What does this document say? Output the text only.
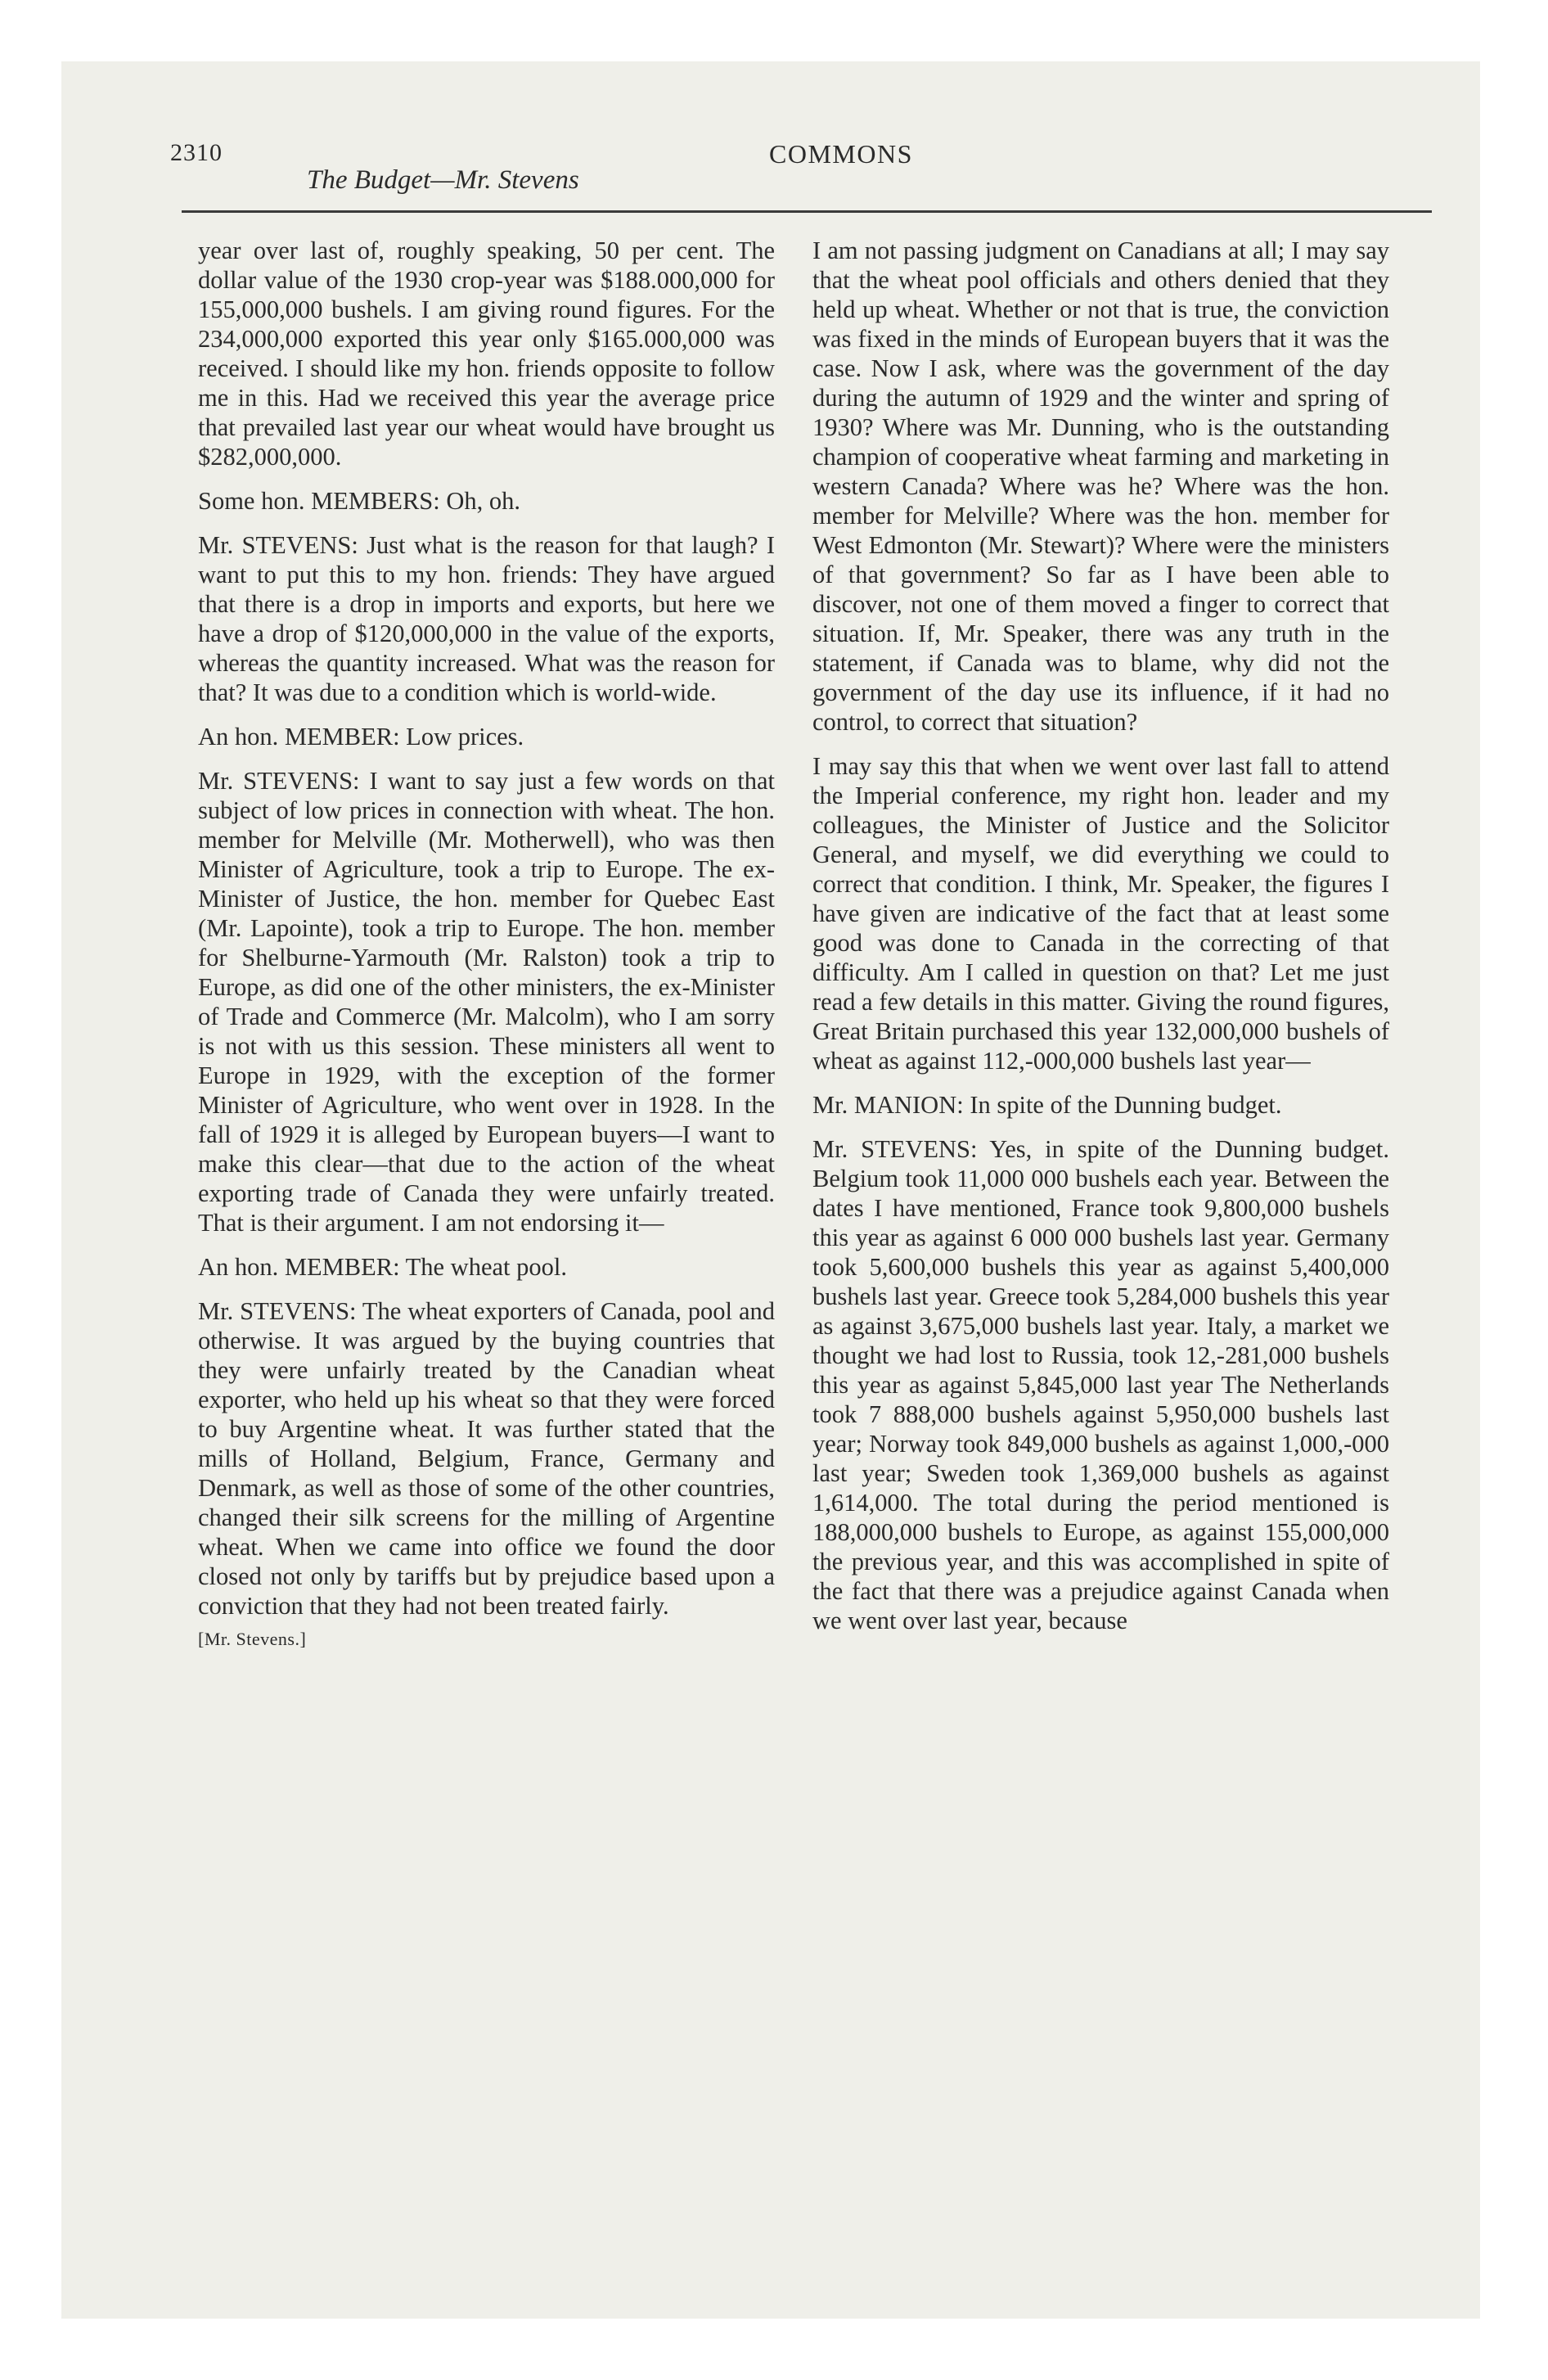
2310
The Budget—Mr. Stevens
COMMONS

year over last of, roughly speaking, 50 per cent. The dollar value of the 1930 crop-year was $188.000,000 for 155,000,000 bushels. I am giving round figures. For the 234,000,000 exported this year only $165.000,000 was received. I should like my hon. friends opposite to follow me in this. Had we received this year the average price that prevailed last year our wheat would have brought us $282,000,000.

Some hon. MEMBERS: Oh, oh.

Mr. STEVENS: Just what is the reason for that laugh? I want to put this to my hon. friends: They have argued that there is a drop in imports and exports, but here we have a drop of $120,000,000 in the value of the exports, whereas the quantity increased. What was the reason for that? It was due to a condition which is world-wide.

An hon. MEMBER: Low prices.

Mr. STEVENS: I want to say just a few words on that subject of low prices in connection with wheat. The hon. member for Melville (Mr. Motherwell), who was then Minister of Agriculture, took a trip to Europe. The ex-Minister of Justice, the hon. member for Quebec East (Mr. Lapointe), took a trip to Europe. The hon. member for Shelburne-Yarmouth (Mr. Ralston) took a trip to Europe, as did one of the other ministers, the ex-Minister of Trade and Commerce (Mr. Malcolm), who I am sorry is not with us this session. These ministers all went to Europe in 1929, with the exception of the former Minister of Agriculture, who went over in 1928. In the fall of 1929 it is alleged by European buyers—I want to make this clear—that due to the action of the wheat exporting trade of Canada they were unfairly treated. That is their argument. I am not endorsing it—

An hon. MEMBER: The wheat pool.

Mr. STEVENS: The wheat exporters of Canada, pool and otherwise. It was argued by the buying countries that they were unfairly treated by the Canadian wheat exporter, who held up his wheat so that they were forced to buy Argentine wheat. It was further stated that the mills of Holland, Belgium, France, Germany and Denmark, as well as those of some of the other countries, changed their silk screens for the milling of Argentine wheat. When we came into office we found the door closed not only by tariffs but by prejudice based upon a conviction that they had not been treated fairly.

[Mr. Stevens.]

I am not passing judgment on Canadians at all; I may say that the wheat pool officials and others denied that they held up wheat. Whether or not that is true, the conviction was fixed in the minds of European buyers that it was the case. Now I ask, where was the government of the day during the autumn of 1929 and the winter and spring of 1930? Where was Mr. Dunning, who is the outstanding champion of cooperative wheat farming and marketing in western Canada? Where was he? Where was the hon. member for Melville? Where was the hon. member for West Edmonton (Mr. Stewart)? Where were the ministers of that government? So far as I have been able to discover, not one of them moved a finger to correct that situation. If, Mr. Speaker, there was any truth in the statement, if Canada was to blame, why did not the government of the day use its influence, if it had no control, to correct that situation?

I may say this that when we went over last fall to attend the Imperial conference, my right hon. leader and my colleagues, the Minister of Justice and the Solicitor General, and myself, we did everything we could to correct that condition. I think, Mr. Speaker, the figures I have given are indicative of the fact that at least some good was done to Canada in the correcting of that difficulty. Am I called in question on that? Let me just read a few details in this matter. Giving the round figures, Great Britain purchased this year 132,000,000 bushels of wheat as against 112,-000,000 bushels last year—

Mr. MANION: In spite of the Dunning budget.

Mr. STEVENS: Yes, in spite of the Dunning budget. Belgium took 11,000 000 bushels each year. Between the dates I have mentioned, France took 9,800,000 bushels this year as against 6 000 000 bushels last year. Germany took 5,600,000 bushels this year as against 5,400,000 bushels last year. Greece took 5,284,000 bushels this year as against 3,675,000 bushels last year. Italy, a market we thought we had lost to Russia, took 12,-281,000 bushels this year as against 5,845,000 last year The Netherlands took 7 888,000 bushels against 5,950,000 bushels last year; Norway took 849,000 bushels as against 1,000,-000 last year; Sweden took 1,369,000 bushels as against 1,614,000. The total during the period mentioned is 188,000,000 bushels to Europe, as against 155,000,000 the previous year, and this was accomplished in spite of the fact that there was a prejudice against Canada when we went over last year, because
